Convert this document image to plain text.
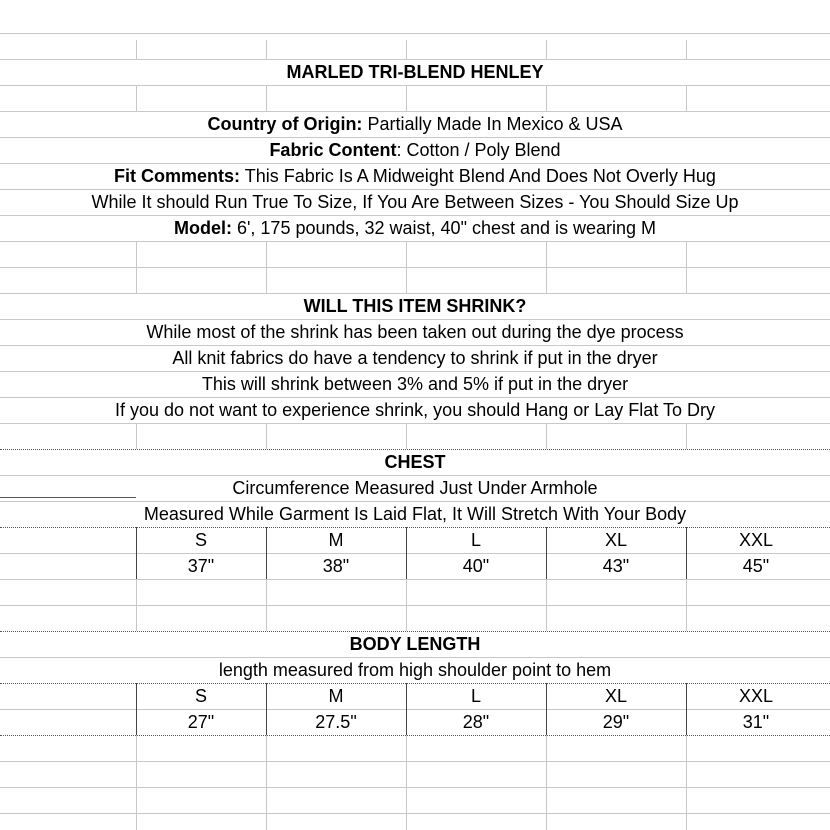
MARLED TRI-BLEND HENLEY
Country of Origin: Partially Made In Mexico & USA
Fabric Content: Cotton / Poly Blend
Fit Comments: This Fabric Is A Midweight Blend And Does Not Overly Hug
While It should Run True To Size, If You Are Between Sizes - You Should Size Up
Model: 6', 175 pounds, 32 waist, 40" chest and is wearing M
WILL THIS ITEM SHRINK?
While most of the shrink has been taken out during the dye process
All knit fabrics do have a tendency to shrink if put in the dryer
This will shrink between 3% and 5% if put in the dryer
If you do not want to experience shrink, you should Hang or Lay Flat To Dry
CHEST
Circumference Measured Just Under Armhole
Measured While Garment Is Laid Flat, It Will Stretch With Your Body
S	M	L	XL	XXL
37"	38"	40"	43"	45"
BODY LENGTH
length measured from high shoulder point to hem
S	M	L	XL	XXL
27"	27.5"	28"	29"	31"
